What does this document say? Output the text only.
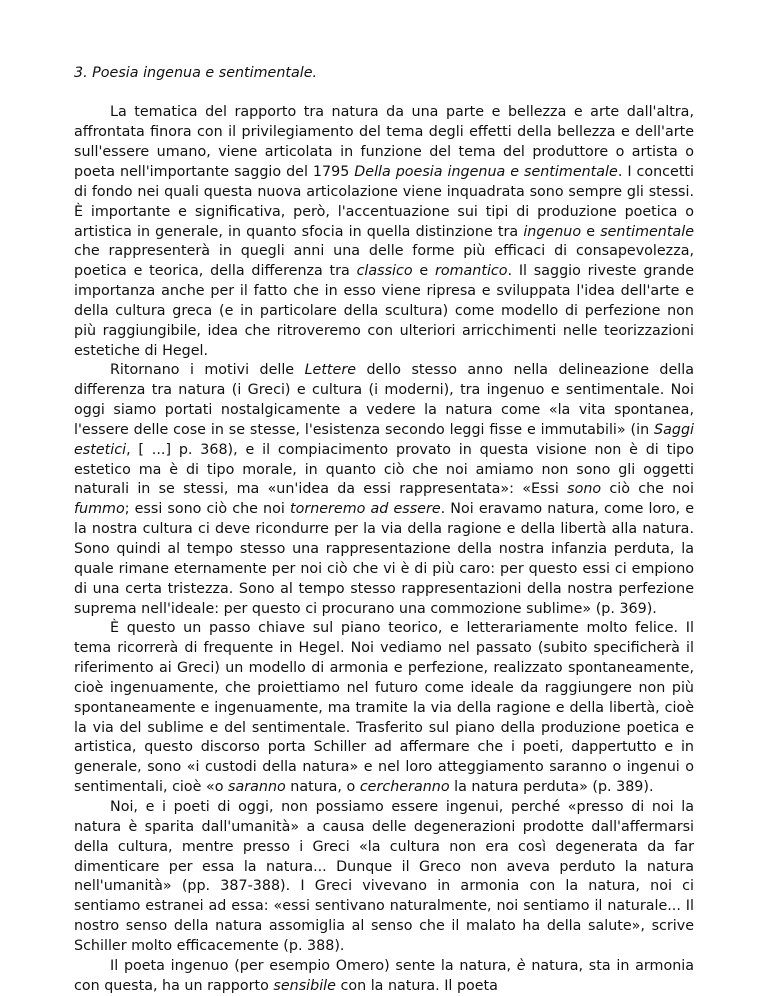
3. Poesia ingenua e sentimentale.

La tematica del rapporto tra natura da una parte e bellezza e arte dall'altra, affrontata finora con il privilegiamento del tema degli effetti della bellezza e dell'arte sull'essere umano, viene articolata in funzione del tema del produttore o artista o poeta nell'importante saggio del 1795 Della poesia ingenua e sentimentale. I concetti di fondo nei quali questa nuova articolazione viene inquadrata sono sempre gli stessi. È importante e significativa, però, l'accentuazione sui tipi di produzione poetica o artistica in generale, in quanto sfocia in quella distinzione tra ingenuo e sentimentale che rappresenterà in quegli anni una delle forme più efficaci di consapevolezza, poetica e teorica, della differenza tra classico e romantico. Il saggio riveste grande importanza anche per il fatto che in esso viene ripresa e sviluppata l'idea dell'arte e della cultura greca (e in particolare della scultura) come modello di perfezione non più raggiungibile, idea che ritroveremo con ulteriori arricchimenti nelle teorizzazioni estetiche di Hegel.

Ritornano i motivi delle Lettere dello stesso anno nella delineazione della differenza tra natura (i Greci) e cultura (i moderni), tra ingenuo e sentimentale. Noi oggi siamo portati nostalgicamente a vedere la natura come «la vita spontanea, l'essere delle cose in se stesse, l'esistenza secondo leggi fisse e immutabili» (in Saggi estetici, [ ...] p. 368), e il compiacimento provato in questa visione non è di tipo estetico ma è di tipo morale, in quanto ciò che noi amiamo non sono gli oggetti naturali in se stessi, ma «un'idea da essi rappresentata»: «Essi sono ciò che noi fummo; essi sono ciò che noi torneremo ad essere. Noi eravamo natura, come loro, e la nostra cultura ci deve ricondurre per la via della ragione e della libertà alla natura. Sono quindi al tempo stesso una rappresentazione della nostra infanzia perduta, la quale rimane eternamente per noi ciò che vi è di più caro: per questo essi ci empiono di una certa tristezza. Sono al tempo stesso rappresentazioni della nostra perfezione suprema nell'ideale: per questo ci procurano una commozione sublime» (p. 369).

È questo un passo chiave sul piano teorico, e letterariamente molto felice. Il tema ricorrerà di frequente in Hegel. Noi vediamo nel passato (subito specificherà il riferimento ai Greci) un modello di armonia e perfezione, realizzato spontaneamente, cioè ingenuamente, che proiettiamo nel futuro come ideale da raggiungere non più spontaneamente e ingenuamente, ma tramite la via della ragione e della libertà, cioè la via del sublime e del sentimentale. Trasferito sul piano della produzione poetica e artistica, questo discorso porta Schiller ad affermare che i poeti, dappertutto e in generale, sono «i custodi della natura» e nel loro atteggiamento saranno o ingenui o sentimentali, cioè «o saranno natura, o cercheranno la natura perduta» (p. 389).

Noi, e i poeti di oggi, non possiamo essere ingenui, perché «presso di noi la natura è sparita dall'umanità» a causa delle degenerazioni prodotte dall'affermarsi della cultura, mentre presso i Greci «la cultura non era così degenerata da far dimenticare per essa la natura... Dunque il Greco non aveva perduto la natura nell'umanità» (pp. 387-388). I Greci vivevano in armonia con la natura, noi ci sentiamo estranei ad essa: «essi sentivano naturalmente, noi sentiamo il naturale... Il nostro senso della natura assomiglia al senso che il malato ha della salute», scrive Schiller molto efficacemente (p. 388).

Il poeta ingenuo (per esempio Omero) sente la natura, è natura, sta in armonia con questa, ha un rapporto sensibile con la natura. Il poeta
